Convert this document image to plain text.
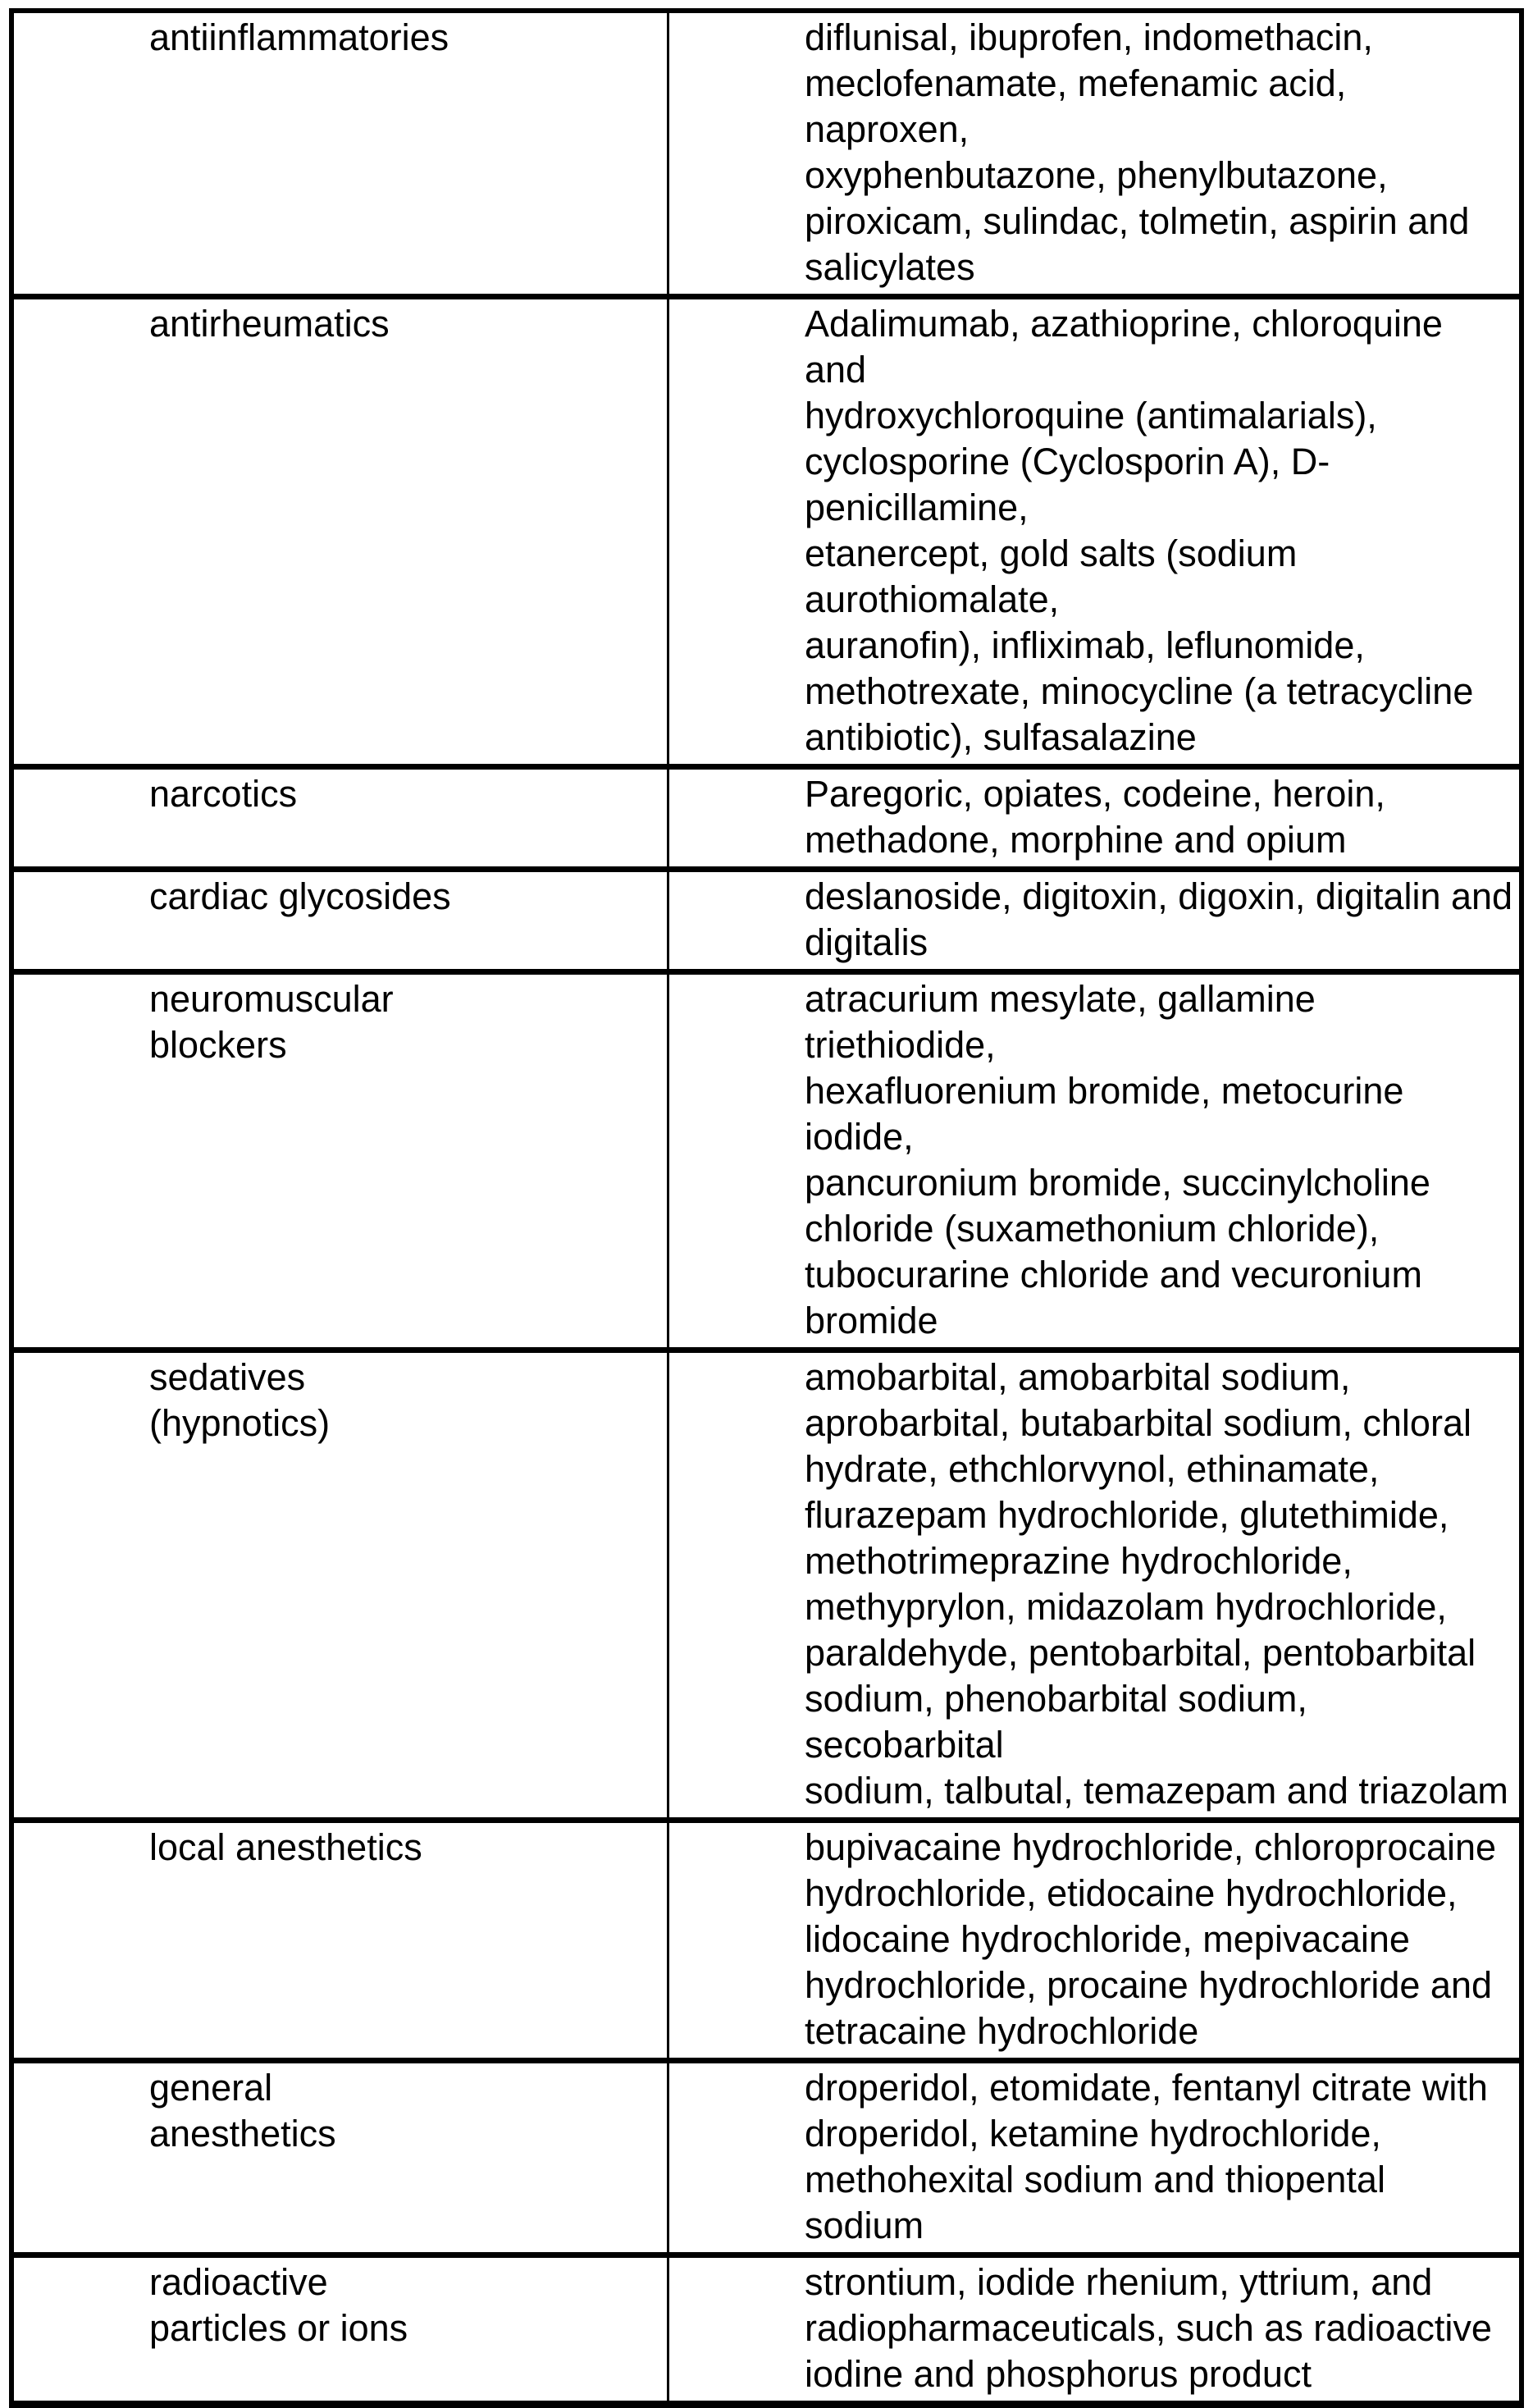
antiinflammatories	diflunisal, ibuprofen, indomethacin,
meclofenamate, mefenamic acid, naproxen,
oxyphenbutazone, phenylbutazone,
piroxicam, sulindac, tolmetin, aspirin and
salicylates
antirheumatics	Adalimumab, azathioprine, chloroquine and
hydroxychloroquine (antimalarials),
cyclosporine (Cyclosporin A), D-penicillamine,
etanercept, gold salts (sodium aurothiomalate,
auranofin), infliximab, leflunomide,
methotrexate, minocycline (a tetracycline
antibiotic), sulfasalazine
narcotics	Paregoric, opiates, codeine, heroin,
methadone, morphine and opium
cardiac glycosides	deslanoside, digitoxin, digoxin, digitalin and
digitalis
neuromuscular
blockers	atracurium mesylate, gallamine triethiodide,
hexafluorenium bromide, metocurine iodide,
pancuronium bromide, succinylcholine
chloride (suxamethonium chloride),
tubocurarine chloride and vecuronium
bromide
sedatives
(hypnotics)	amobarbital, amobarbital sodium,
aprobarbital, butabarbital sodium, chloral
hydrate, ethchlorvynol, ethinamate,
flurazepam hydrochloride, glutethimide,
methotrimeprazine hydrochloride,
methyprylon, midazolam hydrochloride,
paraldehyde, pentobarbital, pentobarbital
sodium, phenobarbital sodium, secobarbital
sodium, talbutal, temazepam and triazolam
local anesthetics	bupivacaine hydrochloride, chloroprocaine
hydrochloride, etidocaine hydrochloride,
lidocaine hydrochloride, mepivacaine
hydrochloride, procaine hydrochloride and
tetracaine hydrochloride
general
anesthetics	droperidol, etomidate, fentanyl citrate with
droperidol, ketamine hydrochloride,
methohexital sodium and thiopental sodium
radioactive
particles or ions	strontium, iodide rhenium, yttrium, and
radiopharmaceuticals, such as radioactive
iodine and phosphorus product
